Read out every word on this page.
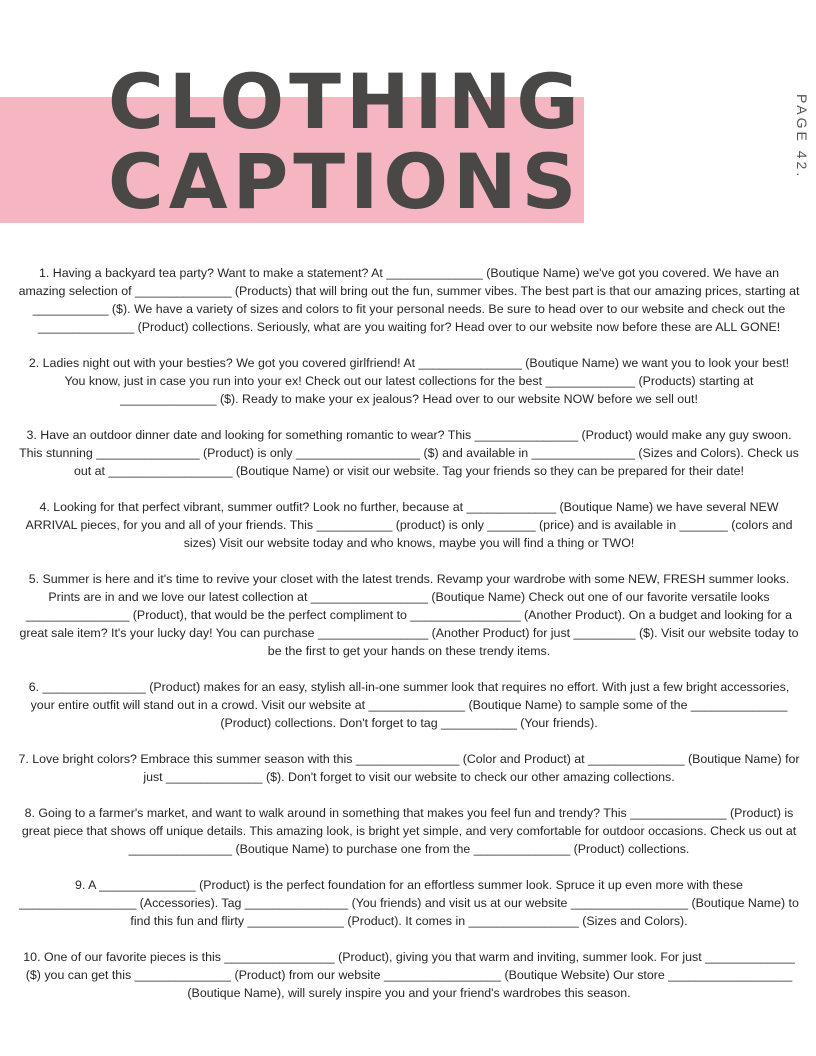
CLOTHING
CAPTIONS
PAGE 42.
1. Having a backyard tea party? Want to make a statement? At ______________ (Boutique Name) we've got you covered. We have an amazing selection of ______________ (Products) that will bring out the fun, summer vibes. The best part is that our amazing prices, starting at ___________ ($). We have a variety of sizes and colors to fit your personal needs. Be sure to head over to our website and check out the ______________ (Product) collections. Seriously, what are you waiting for? Head over to our website now before these are ALL GONE!
2. Ladies night out with your besties? We got you covered girlfriend! At _______________ (Boutique Name) we want you to look your best! You know, just in case you run into your ex! Check out our latest collections for the best _____________ (Products) starting at ______________ ($). Ready to make your ex jealous? Head over to our website NOW before we sell out!
3. Have an outdoor dinner date and looking for something romantic to wear? This _______________ (Product) would make any guy swoon. This stunning _______________ (Product) is only __________________ ($) and available in _______________ (Sizes and Colors). Check us out at __________________ (Boutique Name) or visit our website. Tag your friends so they can be prepared for their date!
4. Looking for that perfect vibrant, summer outfit? Look no further, because at _____________ (Boutique Name) we have several NEW ARRIVAL pieces, for you and all of your friends. This ___________ (product) is only _______ (price) and is available in _______ (colors and sizes) Visit our website today and who knows, maybe you will find a thing or TWO!
5. Summer is here and it's time to revive your closet with the latest trends. Revamp your wardrobe with some NEW, FRESH summer looks. Prints are in and we love our latest collection at _________________ (Boutique Name) Check out one of our favorite versatile looks _______________ (Product), that would be the perfect compliment to ________________ (Another Product). On a budget and looking for a great sale item? It's your lucky day! You can purchase ________________ (Another Product) for just _________ ($). Visit our website today to be the first to get your hands on these trendy items.
6. _______________ (Product) makes for an easy, stylish all-in-one summer look that requires no effort. With just a few bright accessories, your entire outfit will stand out in a crowd. Visit our website at ______________ (Boutique Name) to sample some of the ______________ (Product) collections. Don't forget to tag ___________ (Your friends).
7. Love bright colors? Embrace this summer season with this _______________ (Color and Product) at ______________ (Boutique Name) for just ______________ ($). Don't forget to visit our website to check our other amazing collections.
8. Going to a farmer's market, and want to walk around in something that makes you feel fun and trendy? This ______________ (Product) is great piece that shows off unique details. This amazing look, is bright yet simple, and very comfortable for outdoor occasions. Check us out at _______________ (Boutique Name) to purchase one from the ______________ (Product) collections.
9. A ______________ (Product) is the perfect foundation for an effortless summer look. Spruce it up even more with these _________________ (Accessories). Tag _______________ (You friends) and visit us at our website _________________ (Boutique Name) to find this fun and flirty ______________ (Product). It comes in ________________ (Sizes and Colors).
10. One of our favorite pieces is this ________________ (Product), giving you that warm and inviting, summer look. For just _____________ ($) you can get this ______________ (Product) from our website _________________ (Boutique Website) Our store __________________ (Boutique Name), will surely inspire you and your friend's wardrobes this season.
